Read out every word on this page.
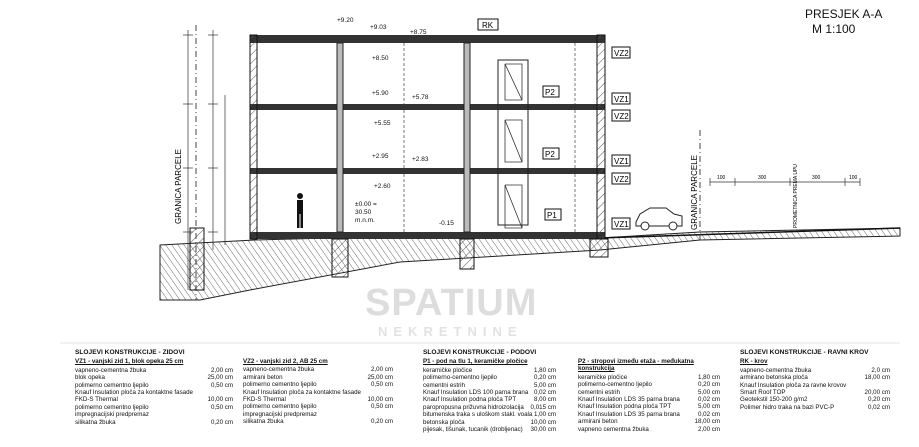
+9.20
+9.03
+8.75
+8.50
+5.90
+5.78
+5.55
+2.95	+2.83
+2.60
±0.00 =
30.50
m.n.m.	-0.15
RK
VZ2
VZ1
VZ2
VZ1
VZ2
VZ1
P2
P2
P1
GRANICA PARCELE	GRANICA PARCELE	PROMETNICA PREMA UPU
100	300	300	100
PRESJEK A-A
M 1:100
SPATIUM
NEKRETNINE
SLOJEVI KONSTRUKCIJE - ZIDOVI
VZ1 - vanjski zid 1, blok opeka 25 cm
vapneno-cementna žbuka	2,00 cm
blok opeka	25,00 cm
polimerno cementno ljepilo	0,50 cm
Knauf Insulation ploča za kontaktne fasade
FKD-S Thermal	10,00 cm
polimerno cementno ljepilo	0,50 cm
impregnacijski predpremaz
silikatna žbuka	0,20 cm
VZ2 - vanjski zid 2, AB 25 cm
vapneno-cementna žbuka	2,00 cm
armirani beton	25,00 cm
polimerno cementno ljepilo	0,50 cm
Knauf Insulation ploča za kontaktne fasade
FKD-S Thermal	10,00 cm
polimerno cementno ljepilo	0,50 cm
impregnacijski predpremaz
silikatna žbuka	0,20 cm
SLOJEVI KONSTRUKCIJE - PODOVI
P1 - pod na tlu 1, keramičke pločice
keramičke pločice	1,80 cm
polimerno-cementno ljepilo	0,20 cm
cementni estrih	5,00 cm
Knauf Insulation LDS 100 parna brana 0,02 cm
Knauf Insulation podna ploča TPT	8,00 cm
paropropusna prižuvna hidroizolacija 0,015 cm
bitumenska traka s uloškom stakl. voala 1,00 cm
betonska ploča	10,00 cm
pijesak, tišunak, tucanik (drobljenac) 30,00 cm
P2 - stropovi između etaža - međukatna konstrukcija
keramičke pločice	1,80 cm
polimerno-cementno ljepilo	0,20 cm
cementni estrih	5,00 cm
Knauf Insulation LDS 35 parna brana	0,02 cm
Knauf Insulation podna ploča TPT	5,00 cm
Knauf Insulation LDS 35 parna brana	0,02 cm
armirani beton	18,00 cm
vapneno cementna žbuka	2,00 cm
SLOJEVI KONSTRUKCIJE - RAVNI KROV
RK - krov
vapneno-cementna žbuka	2,0 cm
armirano betonska ploča	18,00 cm
Knauf Insulation ploča za ravne krovov
Smart Roof TOP	20,00 cm
Geotekstil 150-200 g/m2	0,20 cm
Polimer hidro traka na bazi PVC-P	0,02 cm
